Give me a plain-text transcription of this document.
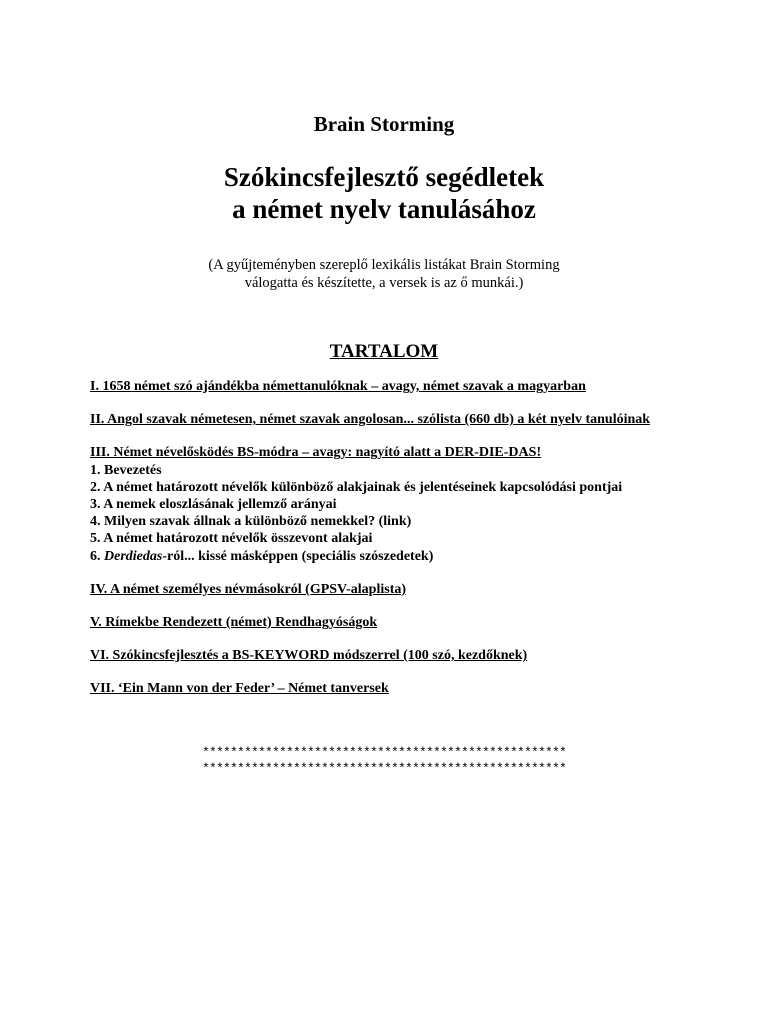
Brain Storming
Szókincsfejlesztő segédletek
a német nyelv tanulásához
(A gyűjteményben szereplő lexikális listákat Brain Storming
válogatta és készítette, a versek is az ő munkái.)
TARTALOM
I. 1658 német szó ajándékba némettanulóknak – avagy, német szavak a magyarban
II. Angol szavak németesen, német szavak angolosan... szólista (660 db) a két nyelv tanulóinak
III. Német névelősködés BS-módra – avagy: nagyító alatt a DER-DIE-DAS!
1. Bevezetés
2. A német határozott névelők különböző alakjainak és jelentéseinek kapcsolódási pontjai
3. A nemek eloszlásának jellemző arányai
4. Milyen szavak állnak a különböző nemekkel? (link)
5. A német határozott névelők összevont alakjai
6. Derdiedas-ról... kissé másképpen (speciális szószedetek)
IV. A német személyes névmásokról (GPSV-alaplista)
V. Rímekbe Rendezett (német) Rendhagyóságok
VI. Szókincsfejlesztés a BS-KEYWORD módszerrel (100 szó, kezdőknek)
VII. ‘Ein Mann von der Feder’ – Német tanversek
****************************************************
****************************************************
